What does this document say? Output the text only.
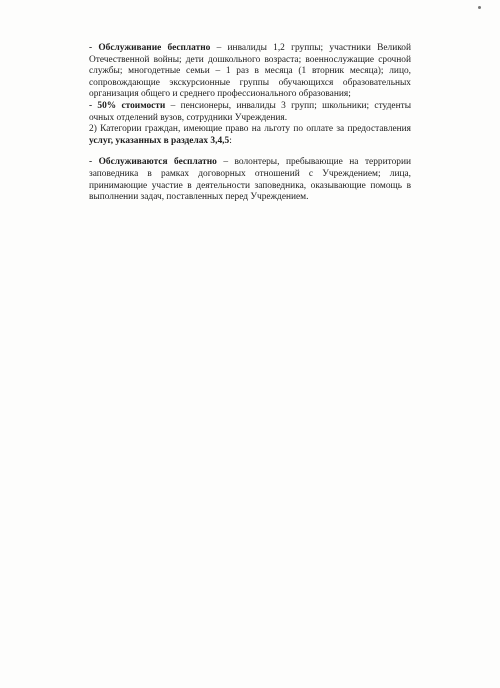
- Обслуживание бесплатно – инвалиды 1,2 группы; участники Великой Отечественной войны; дети дошкольного возраста; военнослужащие срочной службы; многодетные семьи – 1 раз в месяца (1 вторник месяца); лицо, сопровождающие экскурсионные группы обучающихся образовательных организация общего и среднего профессионального образования;

- 50% стоимости – пенсионеры, инвалиды 3 групп; школьники; студенты очных отделений вузов, сотрудники Учреждения.

2) Категории граждан, имеющие право на льготу по оплате за предоставления услуг, указанных в разделах 3,4,5:

- Обслуживаются бесплатно – волонтеры, пребывающие на территории заповедника в рамках договорных отношений с Учреждением; лица, принимающие участие в деятельности заповедника, оказывающие помощь в выполнении задач, поставленных перед Учреждением.
